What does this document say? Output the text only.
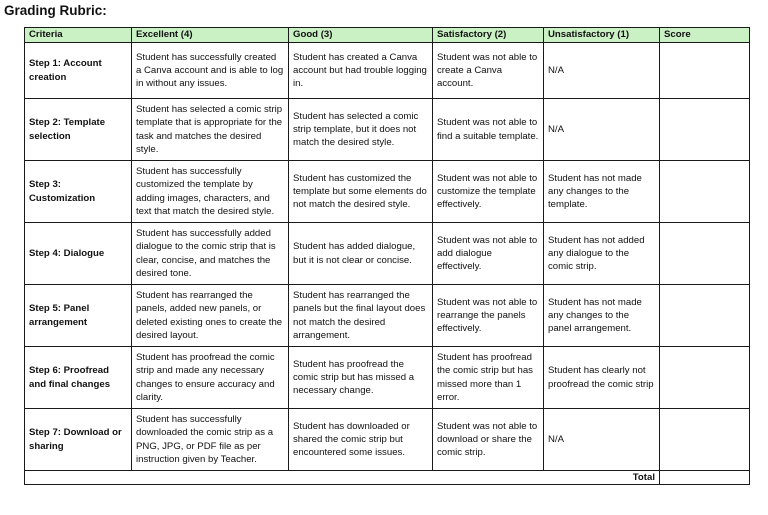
Grading Rubric:
Criteria	Excellent (4)	Good (3)	Satisfactory (2)	Unsatisfactory (1)	Score
Step 1: Account creation	Student has successfully created a Canva account and is able to log in without any issues.	Student has created a Canva account but had trouble logging in.	Student was not able to create a Canva account.	N/A	
Step 2: Template selection	Student has selected a comic strip template that is appropriate for the task and matches the desired style.	Student has selected a comic strip template, but it does not match the desired style.	Student was not able to find a suitable template.	N/A	
Step 3: Customization	Student has successfully customized the template by adding images, characters, and text that match the desired style.	Student has customized the template but some elements do not match the desired style.	Student was not able to customize the template effectively.	Student has not made any changes to the template.	
Step 4: Dialogue	Student has successfully added dialogue to the comic strip that is clear, concise, and matches the desired tone.	Student has added dialogue, but it is not clear or concise.	Student was not able to add dialogue effectively.	Student has not added any dialogue to the comic strip.	
Step 5: Panel arrangement	Student has rearranged the panels, added new panels, or deleted existing ones to create the desired layout.	Student has rearranged the panels but the final layout does not match the desired arrangement.	Student was not able to rearrange the panels effectively.	Student has not made any changes to the panel arrangement.	
Step 6: Proofread and final changes	Student has proofread the comic strip and made any necessary changes to ensure accuracy and clarity.	Student has proofread the comic strip but has missed a necessary change.	Student has proofread the comic strip but has missed more than 1 error.	Student has clearly not proofread the comic strip	
Step 7: Download or sharing	Student has successfully downloaded the comic strip as a PNG, JPG, or PDF file as per instruction given by Teacher.	Student has downloaded or shared the comic strip but encountered some issues.	Student was not able to download or share the comic strip.	N/A	
Total					
